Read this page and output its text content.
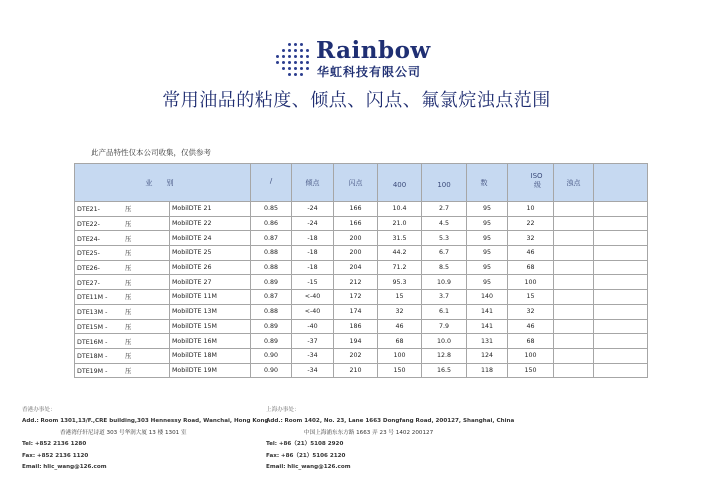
Rainbow
华虹科技有限公司
常用油品的粘度、倾点、闪点、氟氯烷浊点范围
此产品特性仅本公司收集，仅供参考
业 别		/	倾点	闪点	400	100	数	ISO
级	浊点	
DTE21- 压	MobilDTE 21	0.85	-24	166	10.4	2.7	95	10		
DTE22- 压	MobilDTE 22	0.86	-24	166	21.0	4.5	95	22		
DTE24- 压	MobilDTE 24	0.87	-18	200	31.5	5.3	95	32		
DTE25- 压	MobilDTE 25	0.88	-18	200	44.2	6.7	95	46		
DTE26- 压	MobilDTE 26	0.88	-18	204	71.2	8.5	95	68		
DTE27- 压	MobilDTE 27	0.89	-15	212	95.3	10.9	95	100		
DTE11M - 压	MobilDTE 11M	0.87	<-40	172	15	3.7	140	15		
DTE13M - 压	MobilDTE 13M	0.88	<-40	174	32	6.1	141	32		
DTE15M - 压	MobilDTE 15M	0.89	-40	186	46	7.9	141	46		
DTE16M - 压	MobilDTE 16M	0.89	-37	194	68	10.0	131	68		
DTE18M - 压	MobilDTE 18M	0.90	-34	202	100	12.8	124	100		
DTE19M - 压	MobilDTE 19M	0.90	-34	210	150	16.5	118	150		
香港办事处：
Add.: Room 1301,13/F.,CRE building,303 Hennessy Road, Wanchai, Hong Kong
香港湾仔轩尼诗道 303 号华润大厦 13 楼 1301 室
Tel: +852 2136 1280
Fax: +852 2136 1120
Email: hlic_wang@126.com
上海办事处：
Add.: Room 1402, No. 23, Lane 1663 Dongfang Road, 200127, Shanghai, China
中国上海浦东东方路 1663 弄 23 号 1402 200127
Tel: +86（21）5108 2920
Fax: +86（21）5106 2120
Email: hlic_wang@126.com
